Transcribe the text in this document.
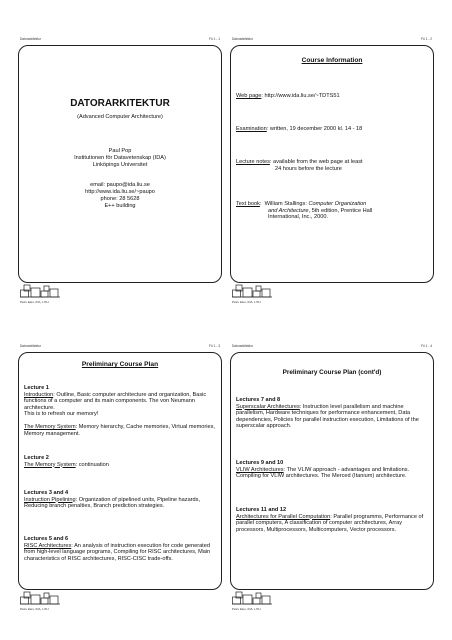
Datorarkitektur	Fö 1 - 1
DATORARKITEKTUR
(Advanced Computer Architecture)
Paul Pop
Institutionen för Datavetenskap (IDA)
Linköpings Universitet
email: paupo@ida.liu.se
http://www.ida.liu.se/~paupo
phone: 28 5628
E++ building
Petru Eles, IDA, LiTH
Datorarkitektur	Fö 1 - 2
Course Information
Web page: http://www.ida.liu.se/~TDTS51
Examination: written, 19 december 2000 kl. 14 - 18
Lecture notes: available from the web page at least
24 hours before the lecture
Text book: William Stallings: Computer Organization
and Architecture, 5th edition, Prentice Hall
International, Inc., 2000.
Petru Eles, IDA, LiTH
Datorarkitektur	Fö 1 - 3
Preliminary Course Plan
Lecture 1
Introduction: Outline, Basic computer architecture and organization, Basic functions of a computer and its main components. The von Neumann architecture.
This is to refresh our memory!
The Memory System: Memory hierarchy, Cache memories, Virtual memories, Memory management.
Lecture 2
The Memory System: continuation
Lectures 3 and 4
Instruction Pipelining: Organization of pipelined units, Pipeline hazards, Reducing branch penalties, Branch prediction strategies.
Lectures 5 and 6
RISC Architectures: An analysis of instruction execution for code generated from high-level language programs, Compiling for RISC architectures, Main characteristics of RISC architectures, RISC-CISC trade-offs.
Petru Eles, IDA, LiTH
Datorarkitektur	Fö 1 - 4
Preliminary Course Plan (cont'd)
Lectures 7 and 8
Superscalar Architectures: Instruction level parallelism and machine parallelism, Hardware techniques for performance enhancement, Data dependencies, Policies for parallel instruction execution, Limitations of the superscalar approach.
Lectures 9 and 10
VLIW Architectures: The VLIW approach - advantages and limitations. Compiling for VLIW architectures. The Merced (Itanium) architecture.
Lectures 11 and 12
Architectures for Parallel Computation: Parallel programms, Performance of parallel computers, A classification of computer architectures, Array processors, Multiprocessors, Multicomputers, Vector processors.
Petru Eles, IDA, LiTH
